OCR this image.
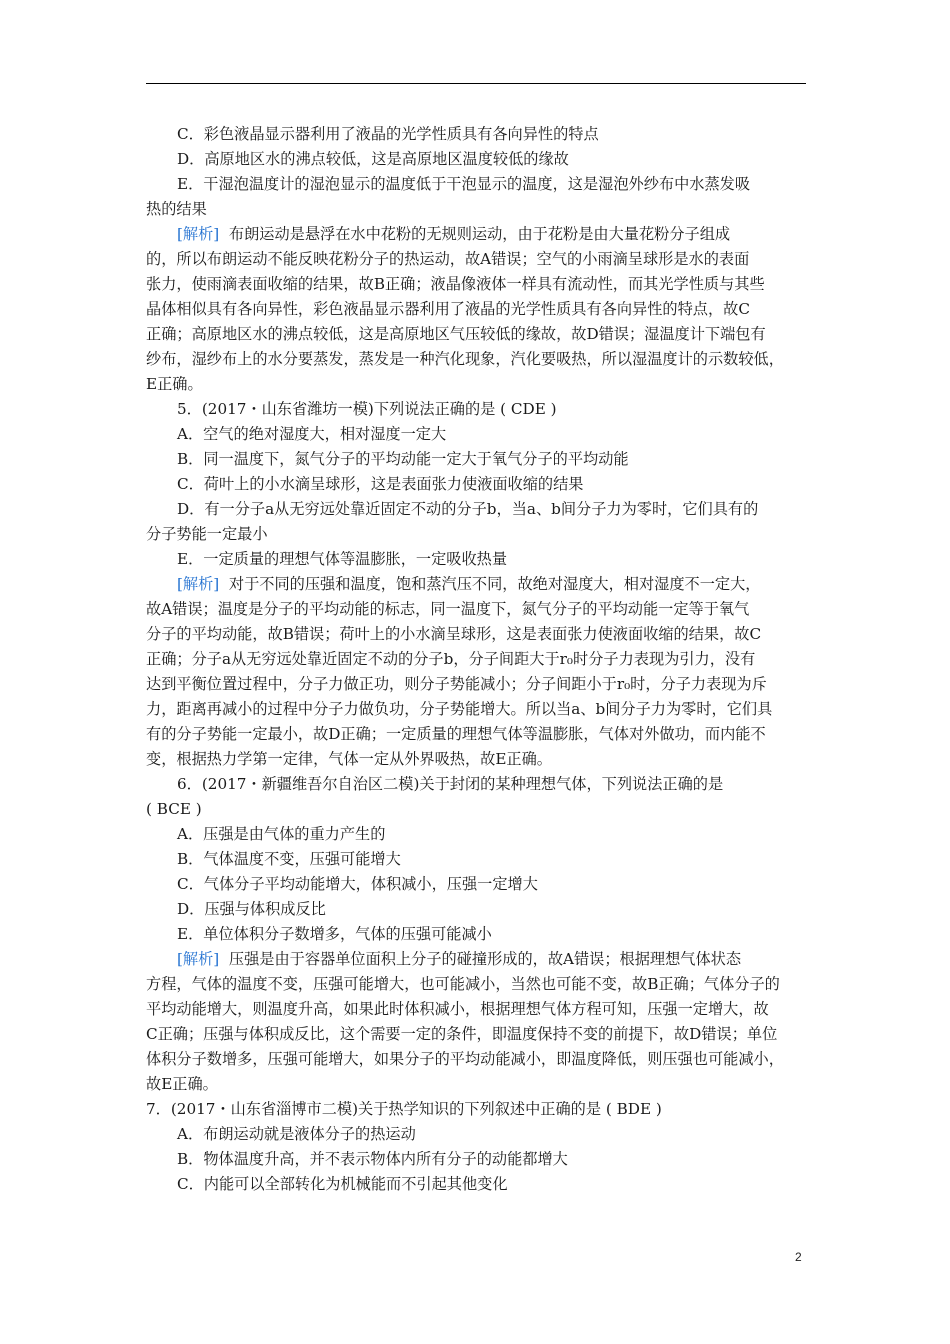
C．彩色液晶显示器利用了液晶的光学性质具有各向异性的特点
D．高原地区水的沸点较低，这是高原地区温度较低的缘故
E．干湿泡温度计的湿泡显示的温度低于干泡显示的温度，这是湿泡外纱布中水蒸发吸
热的结果
[解析]  布朗运动是悬浮在水中花粉的无规则运动，由于花粉是由大量花粉分子组成
的，所以布朗运动不能反映花粉分子的热运动，故A错误；空气的小雨滴呈球形是水的表面
张力，使雨滴表面收缩的结果，故B正确；液晶像液体一样具有流动性，而其光学性质与其些
晶体相似具有各向异性，彩色液晶显示器利用了液晶的光学性质具有各向异性的特点，故C
正确；高原地区水的沸点较低，这是高原地区气压较低的缘故，故D错误；湿温度计下端包有
纱布，湿纱布上的水分要蒸发，蒸发是一种汽化现象，汽化要吸热，所以湿温度计的示数较低，
E正确。
5．(2017・山东省潍坊一模)下列说法正确的是 ( CDE )
A．空气的绝对湿度大，相对湿度一定大
B．同一温度下，氮气分子的平均动能一定大于氧气分子的平均动能
C．荷叶上的小水滴呈球形，这是表面张力使液面收缩的结果
D．有一分子a从无穷远处靠近固定不动的分子b，当a、b间分子力为零时，它们具有的
分子势能一定最小
E．一定质量的理想气体等温膨胀，一定吸收热量
[解析]  对于不同的压强和温度，饱和蒸汽压不同，故绝对湿度大，相对湿度不一定大，
故A错误；温度是分子的平均动能的标志，同一温度下，氮气分子的平均动能一定等于氧气
分子的平均动能，故B错误；荷叶上的小水滴呈球形，这是表面张力使液面收缩的结果，故C
正确；分子a从无穷远处靠近固定不动的分子b，分子间距大于r₀时分子力表现为引力，没有
达到平衡位置过程中，分子力做正功，则分子势能减小；分子间距小于r₀时，分子力表现为斥
力，距离再减小的过程中分子力做负功，分子势能增大。所以当a、b间分子力为零时，它们具
有的分子势能一定最小，故D正确；一定质量的理想气体等温膨胀，气体对外做功，而内能不
变，根据热力学第一定律，气体一定从外界吸热，故E正确。
6．(2017・新疆维吾尔自治区二模)关于封闭的某种理想气体，下列说法正确的是
( BCE )
A．压强是由气体的重力产生的
B．气体温度不变，压强可能增大
C．气体分子平均动能增大，体积减小，压强一定增大
D．压强与体积成反比
E．单位体积分子数增多，气体的压强可能减小
[解析]  压强是由于容器单位面积上分子的碰撞形成的，故A错误；根据理想气体状态
方程，气体的温度不变，压强可能增大，也可能减小，当然也可能不变，故B正确；气体分子的
平均动能增大，则温度升高，如果此时体积减小，根据理想气体方程可知，压强一定增大，故
C正确；压强与体积成反比，这个需要一定的条件，即温度保持不变的前提下，故D错误；单位
体积分子数增多，压强可能增大，如果分子的平均动能减小，即温度降低，则压强也可能减小，
故E正确。
7．(2017・山东省淄博市二模)关于热学知识的下列叙述中正确的是 ( BDE )
A．布朗运动就是液体分子的热运动
B．物体温度升高，并不表示物体内所有分子的动能都增大
C．内能可以全部转化为机械能而不引起其他变化
2
